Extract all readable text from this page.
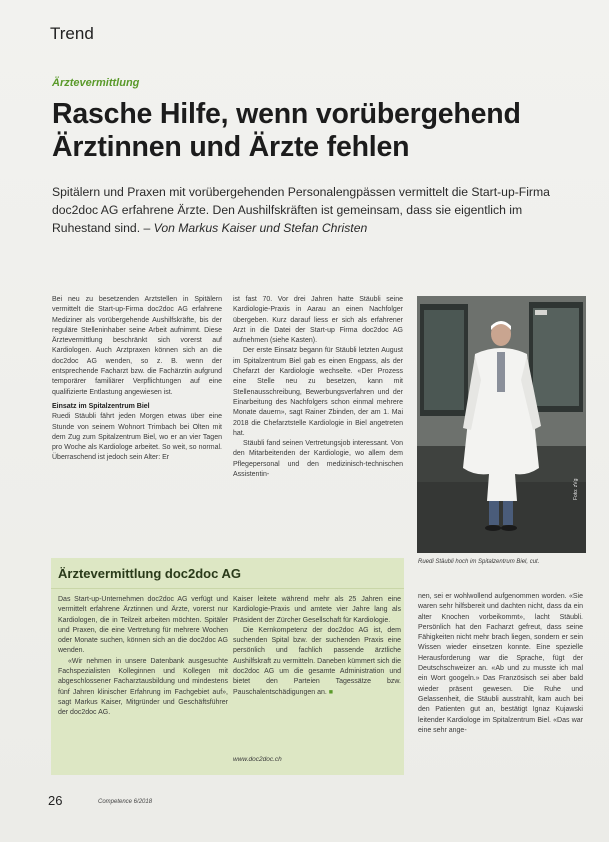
Trend
Ärztevermittlung
Rasche Hilfe, wenn vorübergehend Ärztinnen und Ärzte fehlen

Spitälern und Praxen mit vorübergehenden Personalengpässen vermittelt die Start-up-Firma doc2doc AG erfahrene Ärzte. Den Aushilfskräften ist gemeinsam, dass sie eigentlich im Ruhestand sind. – Von Markus Kaiser und Stefan Christen

Bei neu zu besetzenden Arztstellen in Spitälern vermittelt die Start-up-Firma doc2doc AG erfahrene Mediziner als vorübergehende Aushilfskräfte, bis der reguläre Stelleninhaber seine Arbeit aufnimmt. Diese Ärztevermittlung beschränkt sich vorerst auf Kardiologen. Auch Arztpraxen können sich an die doc2doc AG wenden, so z. B. wenn der entsprechende Facharzt bzw. die Fachärztin aufgrund temporärer familiärer Verpflichtungen auf eine qualifizierte Entlastung angewiesen ist.

Einsatz im Spitalzentrum Biel

Ruedi Stäubli fährt jeden Morgen etwas über eine Stunde von seinem Wohnort Trimbach bei Olten mit dem Zug zum Spitalzentrum Biel, wo er an vier Tagen pro Woche als Kardiologe arbeitet. So weit, so normal. Überraschend ist jedoch sein Alter: Er

ist fast 70. Vor drei Jahren hatte Stäubli seine Kardiologie-Praxis in Aarau an einen Nachfolger übergeben. Kurz darauf liess er sich als erfahrener Arzt in die Datei der Start-up Firma doc2doc AG aufnehmen (siehe Kasten).

Der erste Einsatz begann für Stäubli letzten August im Spitalzentrum Biel gab es einen Engpass, als der Chefarzt der Kardiologie wechselte. «Der Prozess eine Stelle neu zu besetzen, kann mit Stellenausschreibung, Bewerbungsverfahren und der Einarbeitung des Nachfolgers schon einmal mehrere Monate dauern», sagt Rainer Zbinden, der am 1. Mai 2018 die Chefarztstelle Kardiologie in Biel angetreten hat.

Stäubli fand seinen Vertretungsjob interessant. Von den Mitarbeitenden der Kardiologie, wo allem dem Pflegepersonal und den medizinisch-technischen Assistentin-

Foto: zVg
Ruedi Stäubli hoch im Spitalzentrum Biel, cut.

nen, sei er wohlwollend aufgenommen worden. «Sie waren sehr hilfsbereit und dachten nicht, dass da ein alter Knochen vorbeikommt», lacht Stäubli. Persönlich hat den Facharzt gefreut, dass seine Fähigkeiten nicht mehr brach liegen, sondern er sein Wissen wieder einsetzen konnte. Eine spezielle Herausforderung war die Sprache, fügt der Deutschschweizer an. «Ab und zu musste ich mal ein Wort googeln.» Das Französisch sei aber bald wieder präsent gewesen. Die Ruhe und Gelassenheit, die Stäubli ausstrahlt, kam auch bei den Patienten gut an, bestätigt Ignaz Kujawski leitender Kardiologe im Spitalzentrum Biel. «Das war eine sehr ange-

Ärztevermittlung doc2doc AG

Das Start-up-Unternehmen doc2doc AG verfügt und vermittelt erfahrene Ärztinnen und Ärzte, vorerst nur Kardiologen, die in Teilzeit arbeiten möchten. Spitäler und Praxen, die eine Vertretung für mehrere Wochen oder Monate suchen, können sich an die doc2doc AG wenden.

«Wir nehmen in unsere Datenbank ausgesuchte Fachspezialisten Kolleginnen und Kollegen mit abgeschlossener Facharztausbildung und mindestens fünf Jahren klinischer Erfahrung im Fachgebiet auf», sagt Markus Kaiser, Mitgründer und Geschäftsführer der doc2doc AG.

Kaiser leitete während mehr als 25 Jahren eine Kardiologie-Praxis und amtete vier Jahre lang als Präsident der Zürcher Gesellschaft für Kardiologie.

Die Kernkompetenz der doc2doc AG ist, dem suchenden Spital bzw. der suchenden Praxis eine persönlich und fachlich passende ärztliche Aushilfskraft zu vermitteln. Daneben kümmert sich die doc2doc AG um die gesamte Administration und bietet den Parteien Tagessätze bzw. Pauschalentschädigungen an. ■

www.doc2doc.ch
26	Competence 6/2018
